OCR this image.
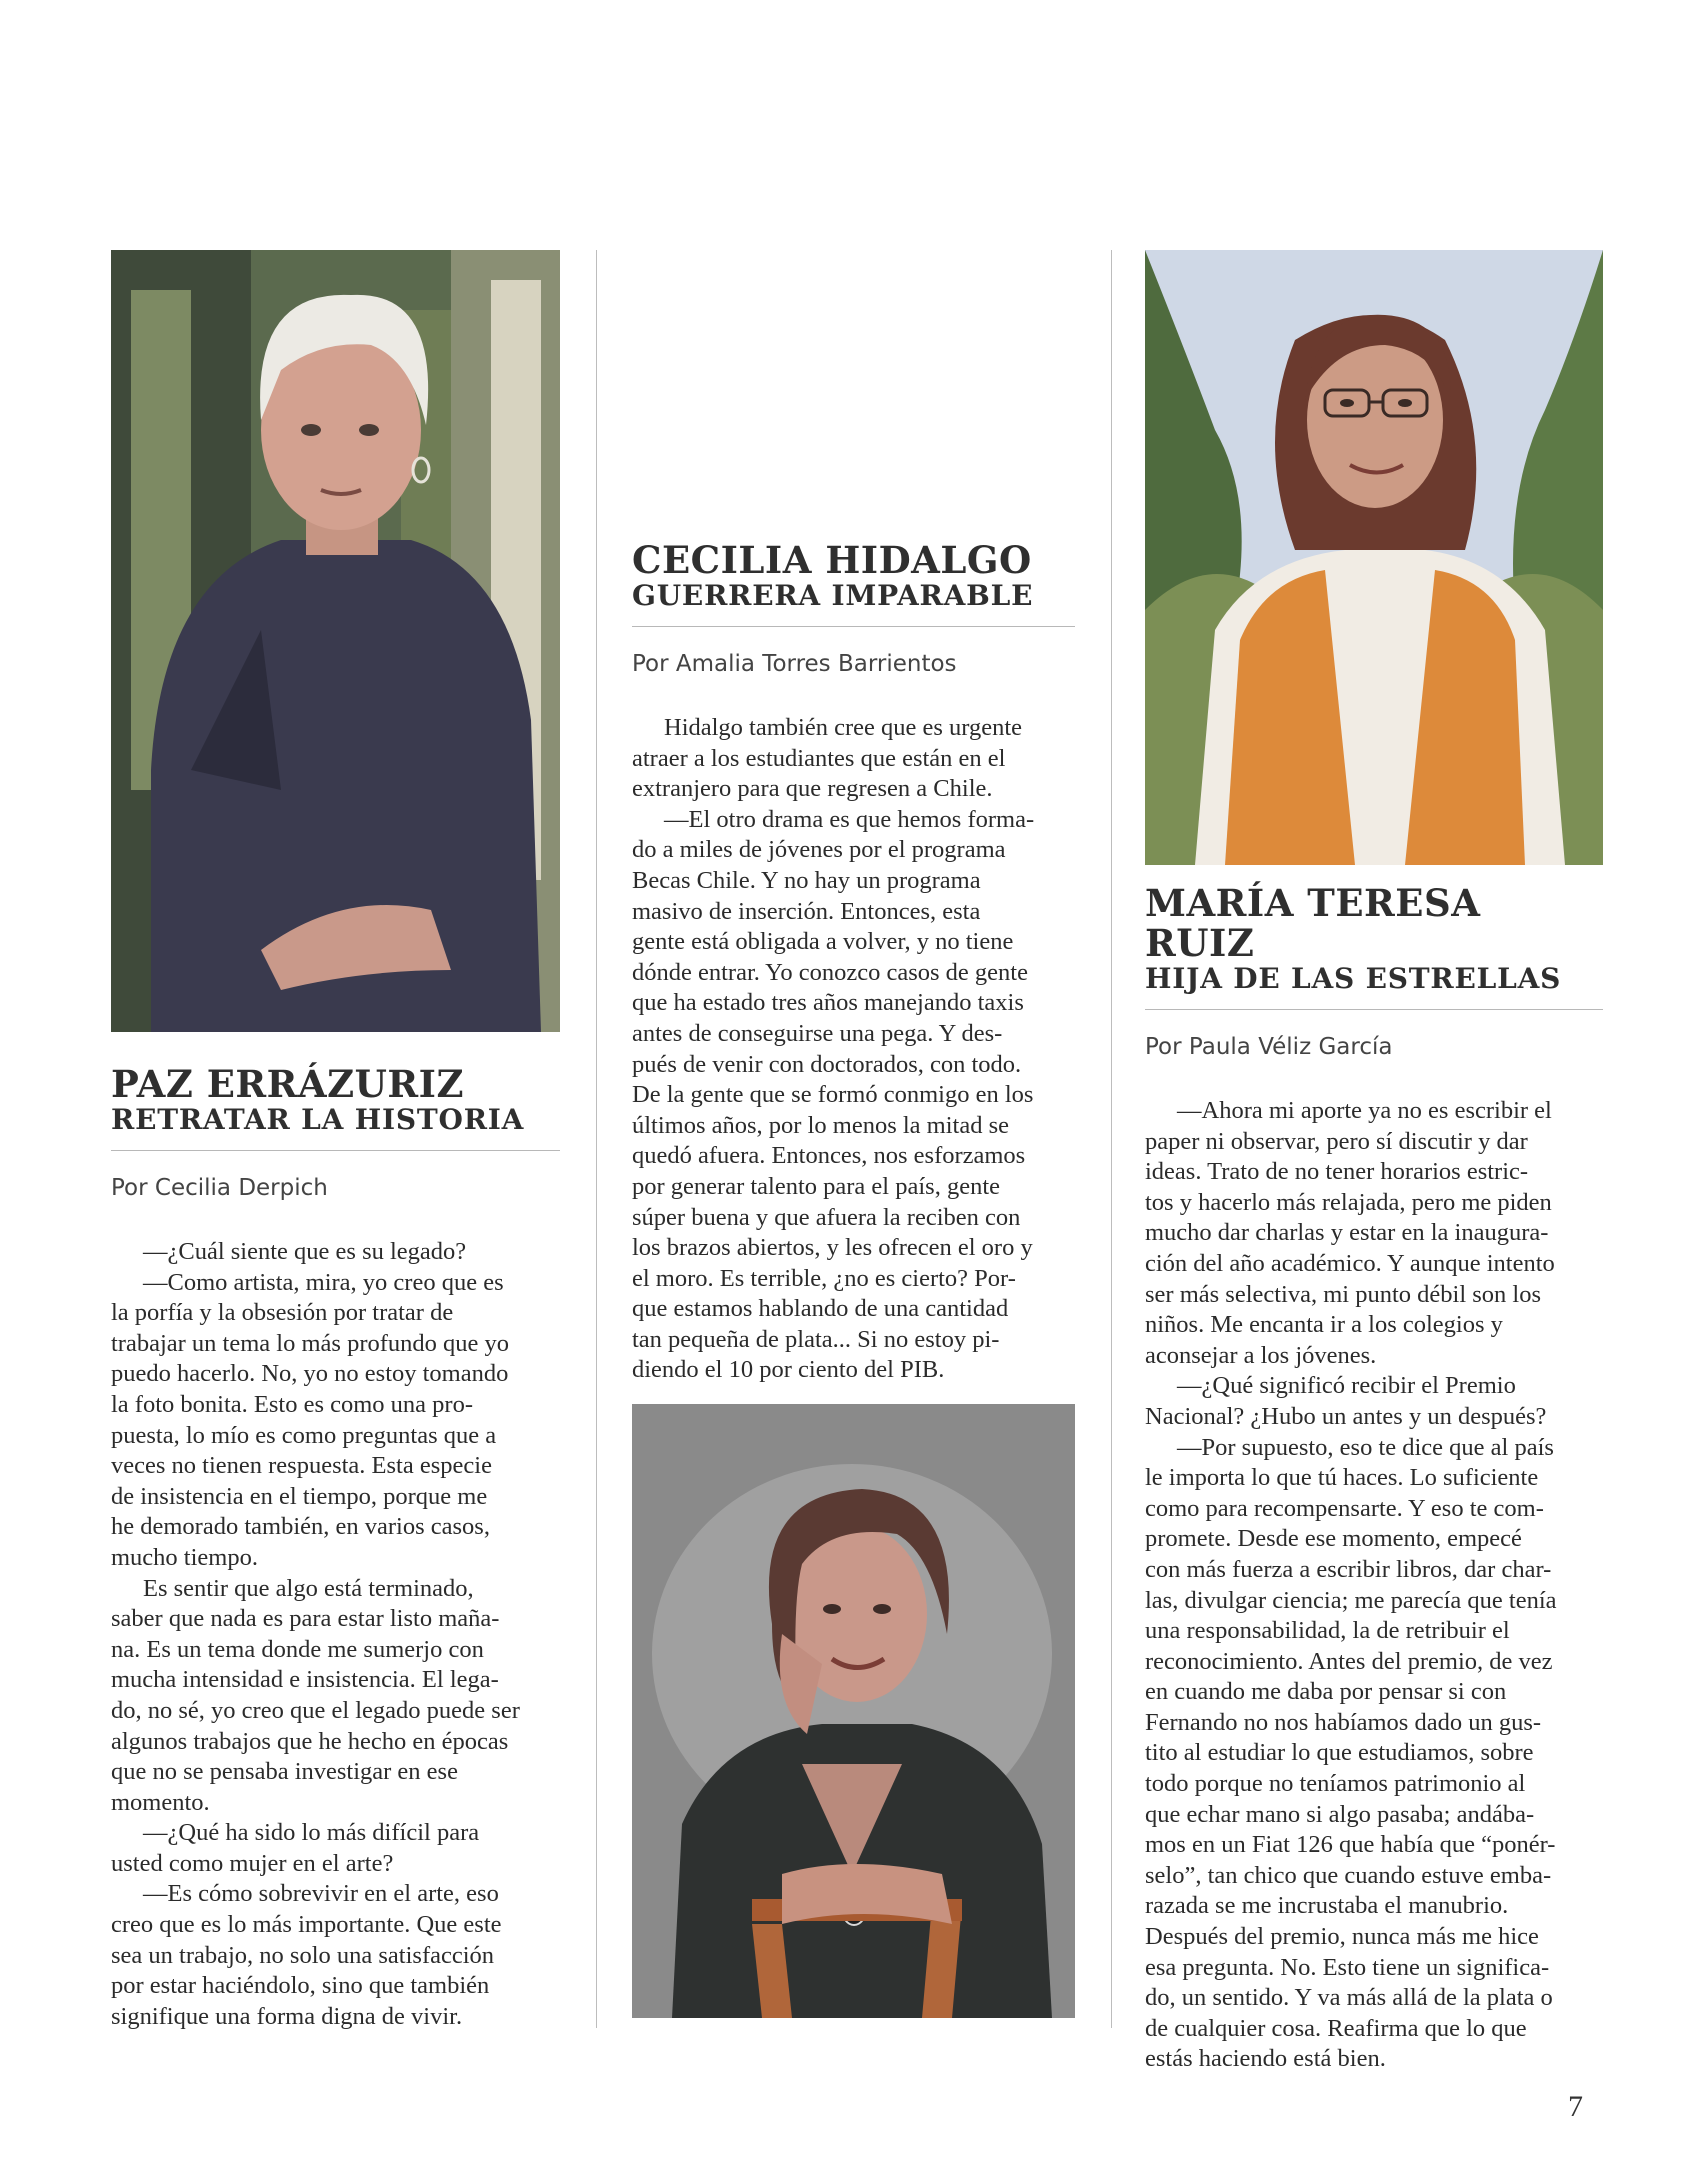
PAZ ERRÁZURIZ

RETRATAR LA HISTORIA

Por Cecilia Derpich

—¿Cuál siente que es su legado?

—Como artista, mira, yo creo que es

la porfía y la obsesión por tratar de

trabajar un tema lo más profundo que yo

puedo hacerlo. No, yo no estoy tomando

la foto bonita. Esto es como una pro-

puesta, lo mío es como preguntas que a

veces no tienen respuesta. Esta especie

de insistencia en el tiempo, porque me

he demorado también, en varios casos,

mucho tiempo.

Es sentir que algo está terminado,

saber que nada es para estar listo maña-

na. Es un tema donde me sumerjo con

mucha intensidad e insistencia. El lega-

do, no sé, yo creo que el legado puede ser

algunos trabajos que he hecho en épocas

que no se pensaba investigar en ese

momento.

—¿Qué ha sido lo más difícil para

usted como mujer en el arte?

—Es cómo sobrevivir en el arte, eso

creo que es lo más importante. Que este

sea un trabajo, no solo una satisfacción

por estar haciéndolo, sino que también

signifique una forma digna de vivir.

CECILIA HIDALGO

GUERRERA IMPARABLE

Por Amalia Torres Barrientos

Hidalgo también cree que es urgente

atraer a los estudiantes que están en el

extranjero para que regresen a Chile.

—El otro drama es que hemos forma-

do a miles de jóvenes por el programa

Becas Chile. Y no hay un programa

masivo de inserción. Entonces, esta

gente está obligada a volver, y no tiene

dónde entrar. Yo conozco casos de gente

que ha estado tres años manejando taxis

antes de conseguirse una pega. Y des-

pués de venir con doctorados, con todo.

De la gente que se formó conmigo en los

últimos años, por lo menos la mitad se

quedó afuera. Entonces, nos esforzamos

por generar talento para el país, gente

súper buena y que afuera la reciben con

los brazos abiertos, y les ofrecen el oro y

el moro. Es terrible, ¿no es cierto? Por-

que estamos hablando de una cantidad

tan pequeña de plata... Si no estoy pi-

diendo el 10 por ciento del PIB.

MARÍA TERESA RUIZ

HIJA DE LAS ESTRELLAS

Por Paula Véliz García

—Ahora mi aporte ya no es escribir el

paper ni observar, pero sí discutir y dar

ideas. Trato de no tener horarios estric-

tos y hacerlo más relajada, pero me piden

mucho dar charlas y estar en la inaugura-

ción del año académico. Y aunque intento

ser más selectiva, mi punto débil son los

niños. Me encanta ir a los colegios y

aconsejar a los jóvenes.

—¿Qué significó recibir el Premio

Nacional? ¿Hubo un antes y un después?

—Por supuesto, eso te dice que al país

le importa lo que tú haces. Lo suficiente

como para recompensarte. Y eso te com-

promete. Desde ese momento, empecé

con más fuerza a escribir libros, dar char-

las, divulgar ciencia; me parecía que tenía

una responsabilidad, la de retribuir el

reconocimiento. Antes del premio, de vez

en cuando me daba por pensar si con

Fernando no nos habíamos dado un gus-

tito al estudiar lo que estudiamos, sobre

todo porque no teníamos patrimonio al

que echar mano si algo pasaba; andába-

mos en un Fiat 126 que había que “ponér-

selo”, tan chico que cuando estuve emba-

razada se me incrustaba el manubrio.

Después del premio, nunca más me hice

esa pregunta. No. Esto tiene un significa-

do, un sentido. Y va más allá de la plata o

de cualquier cosa. Reafirma que lo que

estás haciendo está bien.

7
